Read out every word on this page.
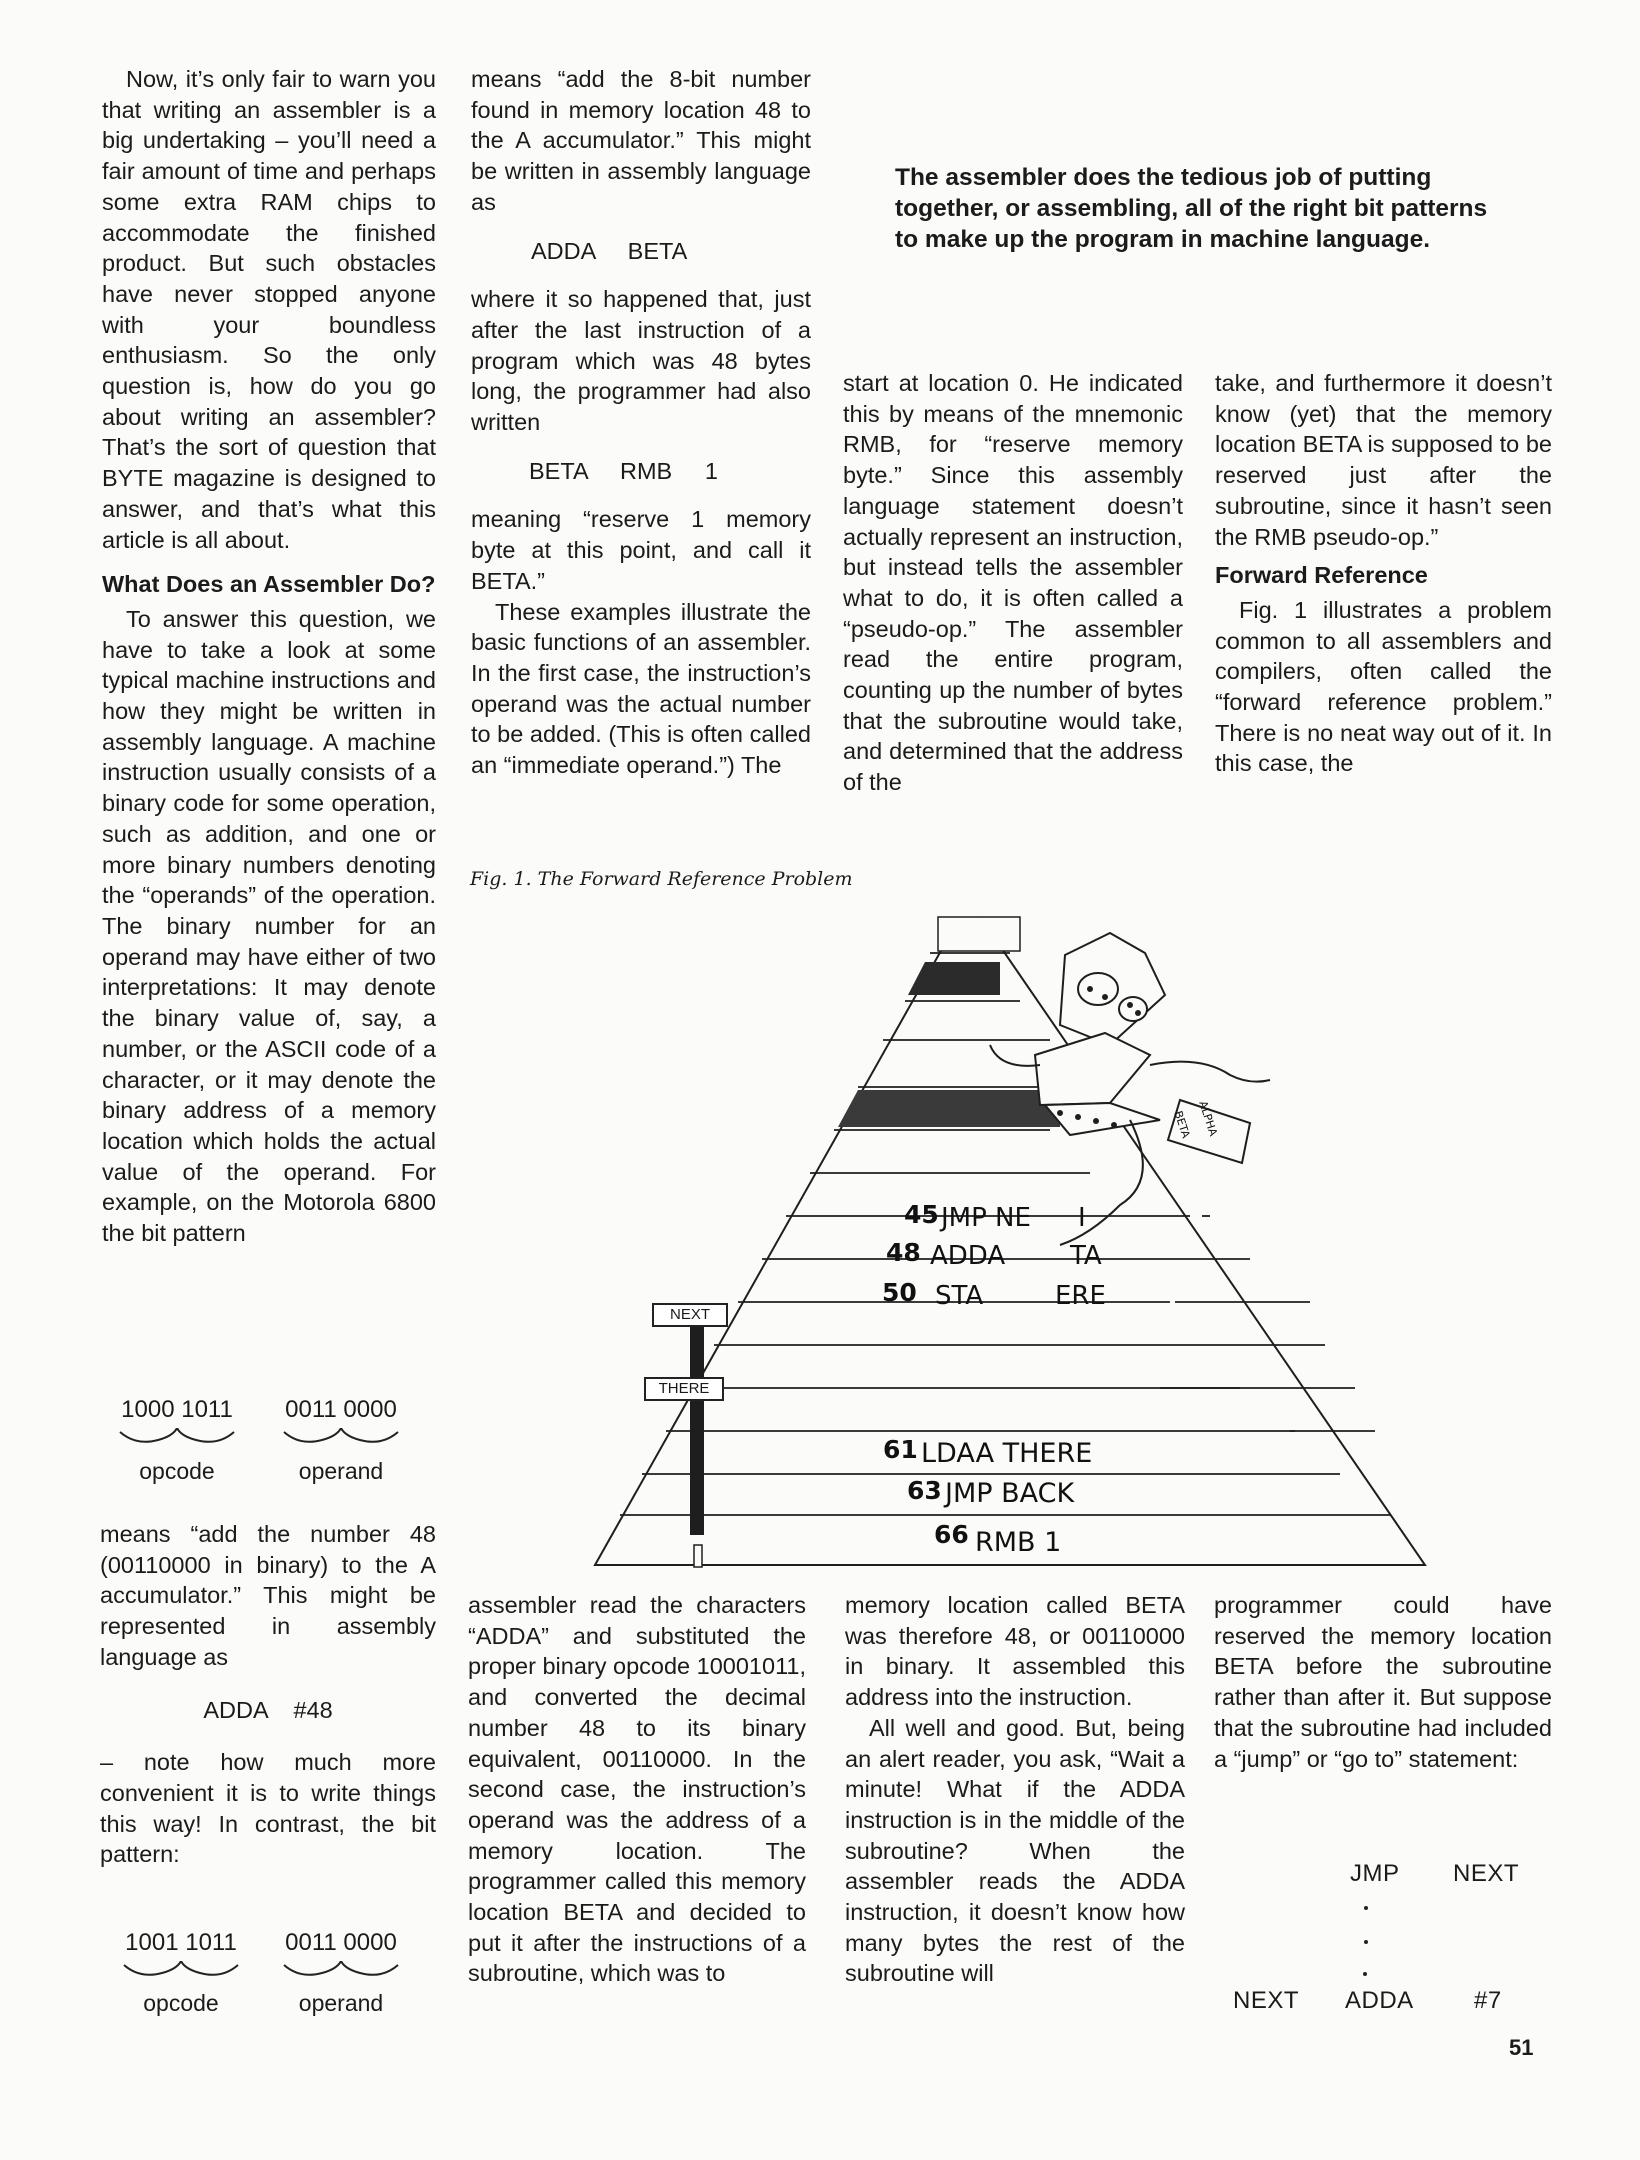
Now, it’s only fair to warn you that writing an assembler is a big undertaking – you’ll need a fair amount of time and perhaps some extra RAM chips to accommodate the finished product. But such obstacles have never stopped anyone with your boundless enthusiasm. So the only question is, how do you go about writing an assembler? That’s the sort of question that BYTE magazine is designed to answer, and that’s what this article is all about.

What Does an Assembler Do?

To answer this question, we have to take a look at some typical machine instructions and how they might be written in assembly language. A machine instruction usually consists of a binary code for some operation, such as addition, and one or more binary numbers denoting the “operands” of the operation. The binary number for an operand may have either of two interpretations: It may denote the binary value of, say, a number, or the ASCII code of a character, or it may denote the binary address of a memory location which holds the actual value of the operand. For example, on the Motorola 6800 the bit pattern

1000 1011	0011 0000
opcode	operand

means “add the number 48 (00110000 in binary) to the A accumulator.” This might be represented in assembly language as

ADDA    #48

– note how much more convenient it is to write things this way! In contrast, the bit pattern:

1001 1011	0011 0000
opcode	operand

means “add the 8-bit number found in memory location 48 to the A accumulator.” This might be written in assembly language as

ADDA     BETA

where it so happened that, just after the last instruction of a program which was 48 bytes long, the programmer had also written

BETA     RMB     1

meaning “reserve 1 memory byte at this point, and call it BETA.”

These examples illustrate the basic functions of an assembler. In the first case, the instruction’s operand was the actual number to be added. (This is often called an “immediate operand.”) The

The assembler does the tedious job of putting together, or assembling, all of the right bit patterns to make up the program in machine language.

start at location 0. He indicated this by means of the mnemonic RMB, for “reserve memory byte.” Since this assembly language statement doesn’t actually represent an instruction, but instead tells the assembler what to do, it is often called a “pseudo-op.” The assembler read the entire program, counting up the number of bytes that the subroutine would take, and determined that the address of the

take, and furthermore it doesn’t know (yet) that the memory location BETA is supposed to be reserved just after the subroutine, since it hasn’t seen the RMB pseudo-op.”

Forward Reference

Fig. 1 illustrates a problem common to all assemblers and compilers, often called the “forward reference problem.” There is no neat way out of it. In this case, the

Fig. 1. The Forward Reference Problem
45 JMP NE I
48 ADDA TA
50 STA	ERE
61 LDAA THERE
63 JMP BACK
66 RMB 1
NEXT
THERE
BETA ALPHA

assembler read the characters “ADDA” and substituted the proper binary opcode 10001011, and converted the decimal number 48 to its binary equivalent, 00110000. In the second case, the instruction’s operand was the address of a memory location. The programmer called this memory location BETA and decided to put it after the instructions of a subroutine, which was to

memory location called BETA was therefore 48, or 00110000 in binary. It assembled this address into the instruction.

All well and good. But, being an alert reader, you ask, “Wait a minute! What if the ADDA instruction is in the middle of the subroutine? When the assembler reads the ADDA instruction, it doesn’t know how many bytes the rest of the subroutine will

programmer could have reserved the memory location BETA before the subroutine rather than after it. But suppose that the subroutine had included a “jump” or “go to” statement:

JMP NEXT
NEXT ADDA	#7
51
